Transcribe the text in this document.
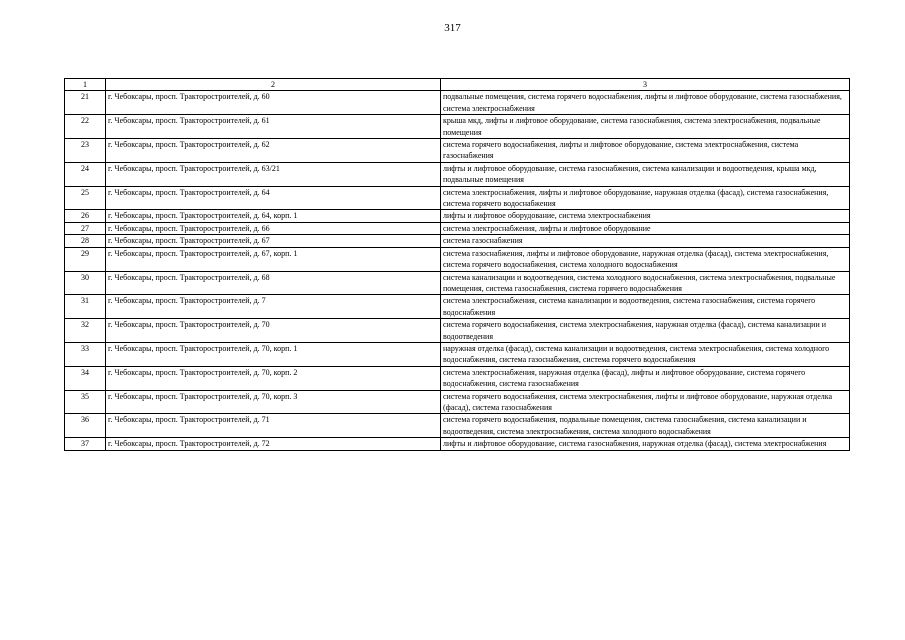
317
1	2	3
21	г. Чебоксары, просп. Тракторостроителей, д. 60	подвальные помещения, система горячего водоснабжения, лифты и лифтовое оборудование, система газоснабжения, система электроснабжения
22	г. Чебоксары, просп. Тракторостроителей, д. 61	крыша мкд, лифты и лифтовое оборудование, система газоснабжения, система электроснабжения, подвальные помещения
23	г. Чебоксары, просп. Тракторостроителей, д. 62	система горячего водоснабжения, лифты и лифтовое оборудование, система электроснабжения, система газоснабжения
24	г. Чебоксары, просп. Тракторостроителей, д. 63/21	лифты и лифтовое оборудование, система газоснабжения, система канализации и водоотведения, крыша мкд, подвальные помещения
25	г. Чебоксары, просп. Тракторостроителей, д. 64	система электроснабжения, лифты и лифтовое оборудование, наружная отделка (фасад), система газоснабжения, система горячего водоснабжения
26	г. Чебоксары, просп. Тракторостроителей, д. 64, корп. 1	лифты и лифтовое оборудование, система электроснабжения
27	г. Чебоксары, просп. Тракторостроителей, д. 66	система электроснабжения, лифты и лифтовое оборудование
28	г. Чебоксары, просп. Тракторостроителей, д. 67	система газоснабжения
29	г. Чебоксары, просп. Тракторостроителей, д. 67, корп. 1	система газоснабжения, лифты и лифтовое оборудование, наружная отделка (фасад), система электроснабжения, система горячего водоснабжения, система холодного водоснабжения
30	г. Чебоксары, просп. Тракторостроителей, д. 68	система канализации и водоотведения, система холодного водоснабжения, система электроснабжения, подвальные помещения, система газоснабжения, система горячего водоснабжения
31	г. Чебоксары, просп. Тракторостроителей, д. 7	система электроснабжения, система канализации и водоотведения, система газоснабжения, система горячего водоснабжения
32	г. Чебоксары, просп. Тракторостроителей, д. 70	система горячего водоснабжения, система электроснабжения, наружная отделка (фасад), система канализации и водоотведения
33	г. Чебоксары, просп. Тракторостроителей, д. 70, корп. 1	наружная отделка (фасад), система канализации и водоотведения, система электроснабжения, система холодного водоснабжения, система газоснабжения, система горячего водоснабжения
34	г. Чебоксары, просп. Тракторостроителей, д. 70, корп. 2	система электроснабжения, наружная отделка (фасад), лифты и лифтовое оборудование, система горячего водоснабжения, система газоснабжения
35	г. Чебоксары, просп. Тракторостроителей, д. 70, корп. 3	система горячего водоснабжения, система электроснабжения, лифты и лифтовое оборудование, наружная отделка (фасад), система газоснабжения
36	г. Чебоксары, просп. Тракторостроителей, д. 71	система горячего водоснабжения, подвальные помещения, система газоснабжения, система канализации и водоотведения, система электроснабжения, система холодного водоснабжения
37	г. Чебоксары, просп. Тракторостроителей, д. 72	лифты и лифтовое оборудование, система газоснабжения, наружная отделка (фасад), система электроснабжения
